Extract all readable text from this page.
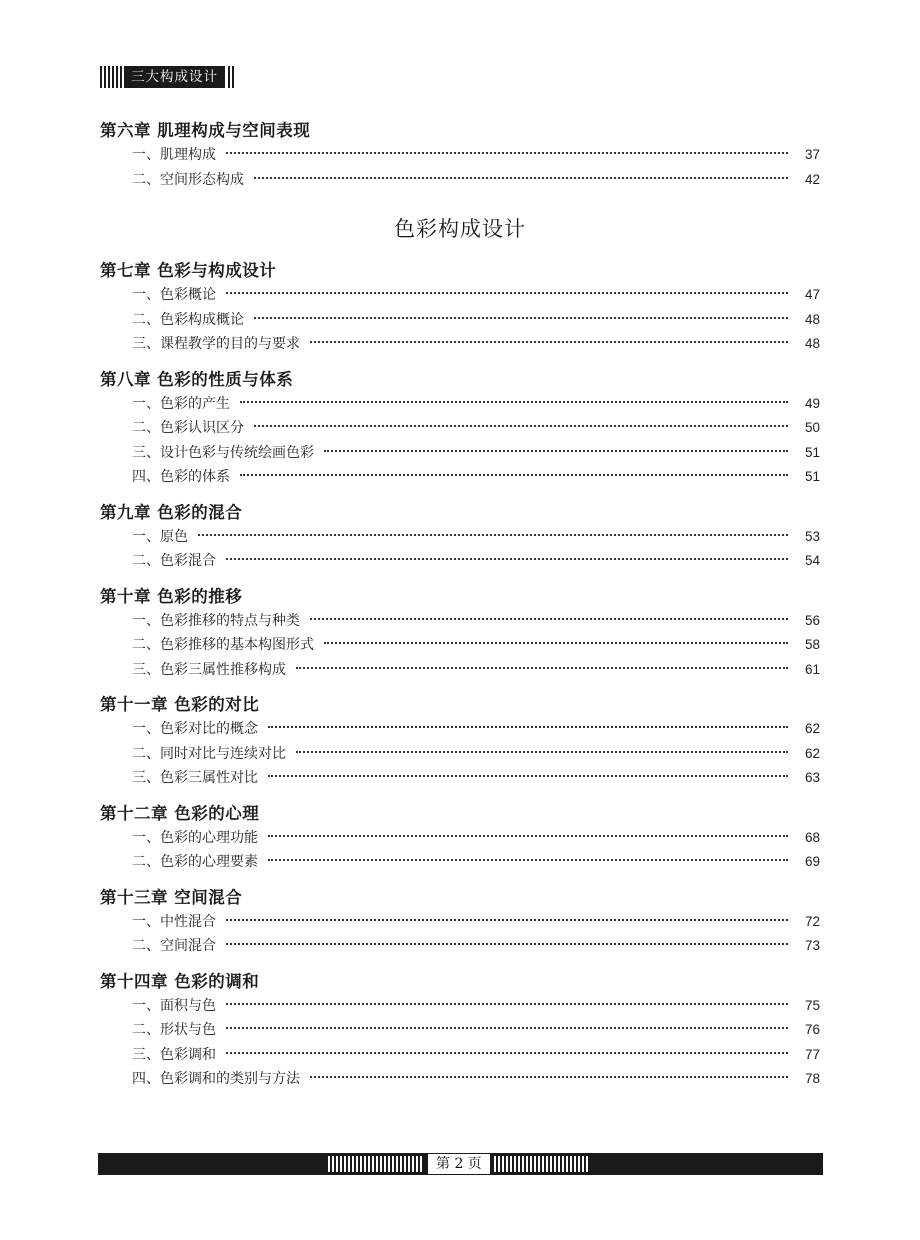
三大构成设计
第六章 肌理构成与空间表现
一、肌理构成	37
二、空间形态构成	42
色彩构成设计
第七章 色彩与构成设计
一、色彩概论	47
二、色彩构成概论	48
三、课程教学的目的与要求	48
第八章 色彩的性质与体系
一、色彩的产生	49
二、色彩认识区分	50
三、设计色彩与传统绘画色彩	51
四、色彩的体系	51
第九章 色彩的混合
一、原色	53
二、色彩混合	54
第十章 色彩的推移
一、色彩推移的特点与种类	56
二、色彩推移的基本构图形式	58
三、色彩三属性推移构成	61
第十一章 色彩的对比
一、色彩对比的概念	62
二、同时对比与连续对比	62
三、色彩三属性对比	63
第十二章 色彩的心理
一、色彩的心理功能	68
二、色彩的心理要素	69
第十三章 空间混合
一、中性混合	72
二、空间混合	73
第十四章 色彩的调和
一、面积与色	75
二、形状与色	76
三、色彩调和	77
四、色彩调和的类别与方法	78
第 2 页
